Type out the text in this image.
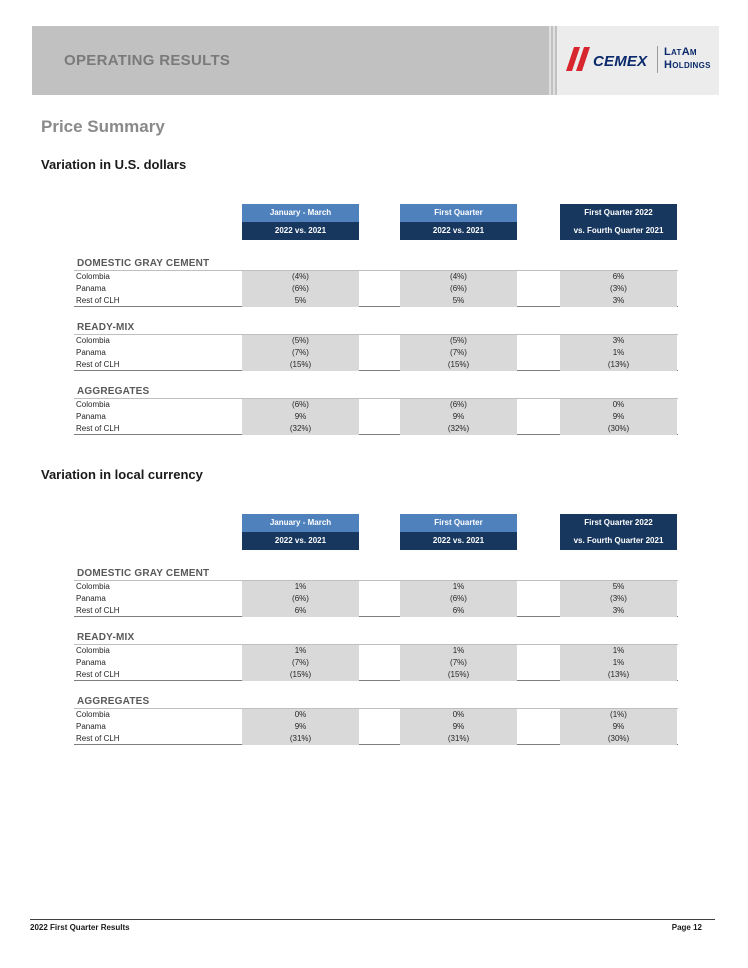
OPERATING RESULTS	CEMEX
LatAm
Holdings
Price Summary
Variation in U.S. dollars
January - March
2022 vs. 2021
First Quarter
2022 vs. 2021
First Quarter 2022
vs. Fourth Quarter 2021
DOMESTIC GRAY CEMENT
Colombia	(4%)	(4%)	6%
Panama	(6%)	(6%)	(3%)
Rest of CLH	5%	5%	3%
READY-MIX
Colombia	(5%)	(5%)	3%
Panama	(7%)	(7%)	1%
Rest of CLH	(15%)	(15%)	(13%)
AGGREGATES
Colombia	(6%)	(6%)	0%
Panama	9%	9%	9%
Rest of CLH	(32%)	(32%)	(30%)
Variation in local currency
January - March
2022 vs. 2021
First Quarter
2022 vs. 2021
First Quarter 2022
vs. Fourth Quarter 2021
DOMESTIC GRAY CEMENT
Colombia	1%	1%	5%
Panama	(6%)	(6%)	(3%)
Rest of CLH	6%	6%	3%
READY-MIX
Colombia	1%	1%	1%
Panama	(7%)	(7%)	1%
Rest of CLH	(15%)	(15%)	(13%)
AGGREGATES
Colombia	0%	0%	(1%)
Panama	9%	9%	9%
Rest of CLH	(31%)	(31%)	(30%)
2022 First Quarter Results	Page 12
